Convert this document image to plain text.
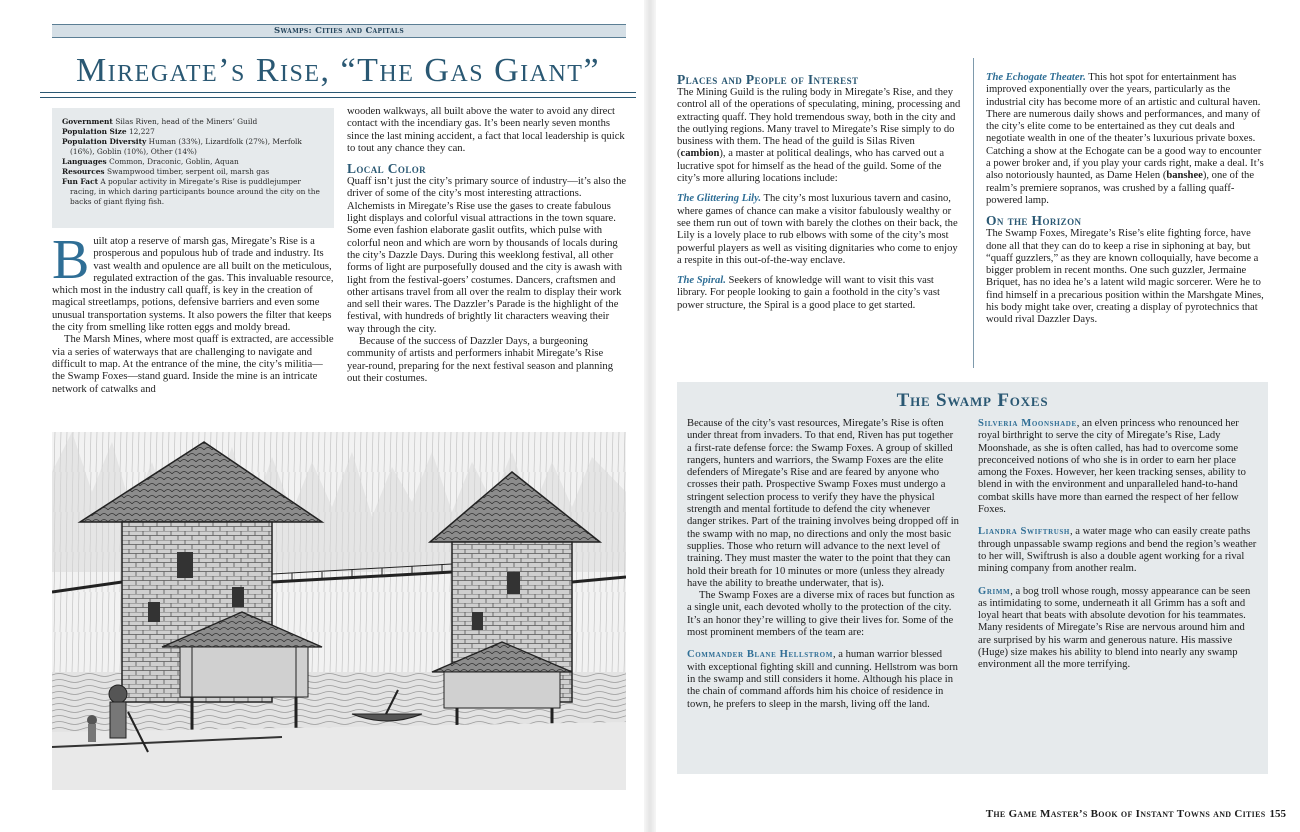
Swamps: Cities and Capitals
Miregate’s Rise, “The Gas Giant”
Government Silas Riven, head of the Miners’ Guild
Population Size 12,227
Population Diversity Human (33%), Lizardfolk (27%), Merfolk (16%), Goblin (10%), Other (14%)
Languages Common, Draconic, Goblin, Aquan
Resources Swampwood timber, serpent oil, marsh gas
Fun Fact A popular activity in Miregate’s Rise is puddlejumper racing, in which daring participants bounce around the city on the backs of giant flying fish.

Built atop a reserve of marsh gas, Miregate’s Rise is a prosperous and populous hub of trade and industry. Its vast wealth and opulence are all built on the meticulous, regulated extraction of the gas. This invaluable resource, which most in the industry call quaff, is key in the creation of magical streetlamps, potions, defensive barriers and even some unusual transportation systems. It also powers the filter that keeps the city from smelling like rotten eggs and moldy bread.

The Marsh Mines, where most quaff is extracted, are accessible via a series of waterways that are challenging to navigate and difficult to map. At the entrance of the mine, the city’s militia—the Swamp Foxes—stand guard. Inside the mine is an intricate network of catwalks and

wooden walkways, all built above the water to avoid any direct contact with the incendiary gas. It’s been nearly seven months since the last mining accident, a fact that local leadership is quick to tout any chance they can.

Local Color

Quaff isn’t just the city’s primary source of industry—it’s also the driver of some of the city’s most interesting attractions. Alchemists in Miregate’s Rise use the gases to create fabulous light displays and colorful visual attractions in the town square. Some even fashion elaborate gaslit outfits, which pulse with colorful neon and which are worn by thousands of locals during the city’s Dazzle Days. During this weeklong festival, all other forms of light are purposefully doused and the city is awash with light from the festival-goers’ costumes. Dancers, craftsmen and other artisans travel from all over the realm to display their work and sell their wares. The Dazzler’s Parade is the highlight of the festival, with hundreds of brightly lit characters weaving their way through the city.

Because of the success of Dazzler Days, a burgeoning community of artists and performers inhabit Miregate’s Rise year-round, preparing for the next festival season and planning out their costumes.

Places and People of Interest

The Mining Guild is the ruling body in Miregate’s Rise, and they control all of the operations of speculating, mining, processing and extracting quaff. They hold tremendous sway, both in the city and the outlying regions. Many travel to Miregate’s Rise simply to do business with them. The head of the guild is Silas Riven (cambion), a master at political dealings, who has carved out a lucrative spot for himself as the head of the guild. Some of the city’s more alluring locations include:

The Glittering Lily. The city’s most luxurious tavern and casino, where games of chance can make a visitor fabulously wealthy or see them run out of town with barely the clothes on their back, the Lily is a lovely place to rub elbows with some of the city’s most powerful players as well as visiting dignitaries who come to enjoy a respite in this out-of-the-way enclave.

The Spiral. Seekers of knowledge will want to visit this vast library. For people looking to gain a foothold in the city’s vast power structure, the Spiral is a good place to get started.

The Echogate Theater. This hot spot for entertainment has improved exponentially over the years, particularly as the industrial city has become more of an artistic and cultural haven. There are numerous daily shows and performances, and many of the city’s elite come to be entertained as they cut deals and negotiate wealth in one of the theater’s luxurious private boxes. Catching a show at the Echogate can be a good way to encounter a power broker and, if you play your cards right, make a deal. It’s also notoriously haunted, as Dame Helen (banshee), one of the realm’s premiere sopranos, was crushed by a falling quaff-powered lamp.

On the Horizon

The Swamp Foxes, Miregate’s Rise’s elite fighting force, have done all that they can do to keep a rise in siphoning at bay, but “quaff guzzlers,” as they are known colloquially, have become a bigger problem in recent months. One such guzzler, Jermaine Briquet, has no idea he’s a latent wild magic sorcerer. Were he to find himself in a precarious position within the Marshgate Mines, his body might take over, creating a display of pyrotechnics that would rival Dazzler Days.

The Swamp Foxes

Because of the city’s vast resources, Miregate’s Rise is often under threat from invaders. To that end, Riven has put together a first-rate defense force: the Swamp Foxes. A group of skilled rangers, hunters and warriors, the Swamp Foxes are the elite defenders of Miregate’s Rise and are feared by anyone who crosses their path. Prospective Swamp Foxes must undergo a stringent selection process to verify they have the physical strength and mental fortitude to defend the city whenever danger strikes. Part of the training involves being dropped off in the swamp with no map, no directions and only the most basic supplies. Those who return will advance to the next level of training. They must master the water to the point that they can hold their breath for 10 minutes or more (unless they already have the ability to breathe underwater, that is).

The Swamp Foxes are a diverse mix of races but function as a single unit, each devoted wholly to the protection of the city. It’s an honor they’re willing to give their lives for. Some of the most prominent members of the team are:

Commander Blane Hellstrom, a human warrior blessed with exceptional fighting skill and cunning. Hellstrom was born in the swamp and still considers it home. Although his place in the chain of command affords him his choice of residence in town, he prefers to sleep in the marsh, living off the land.

Silveria Moonshade, an elven princess who renounced her royal birthright to serve the city of Miregate’s Rise, Lady Moonshade, as she is often called, has had to overcome some preconceived notions of who she is in order to earn her place among the Foxes. However, her keen tracking senses, ability to blend in with the environment and unparalleled hand-to-hand combat skills have more than earned the respect of her fellow Foxes.

Liandra Swiftrush, a water mage who can easily create paths through unpassable swamp regions and bend the region’s weather to her will, Swiftrush is also a double agent working for a rival mining company from another realm.

Grimm, a bog troll whose rough, mossy appearance can be seen as intimidating to some, underneath it all Grimm has a soft and loyal heart that beats with absolute devotion for his teammates. Many residents of Miregate’s Rise are nervous around him and are surprised by his warm and generous nature. His massive (Huge) size makes his ability to blend into nearly any swamp environment all the more terrifying.

The Game Master’s Book of Instant Towns and Cities 155
